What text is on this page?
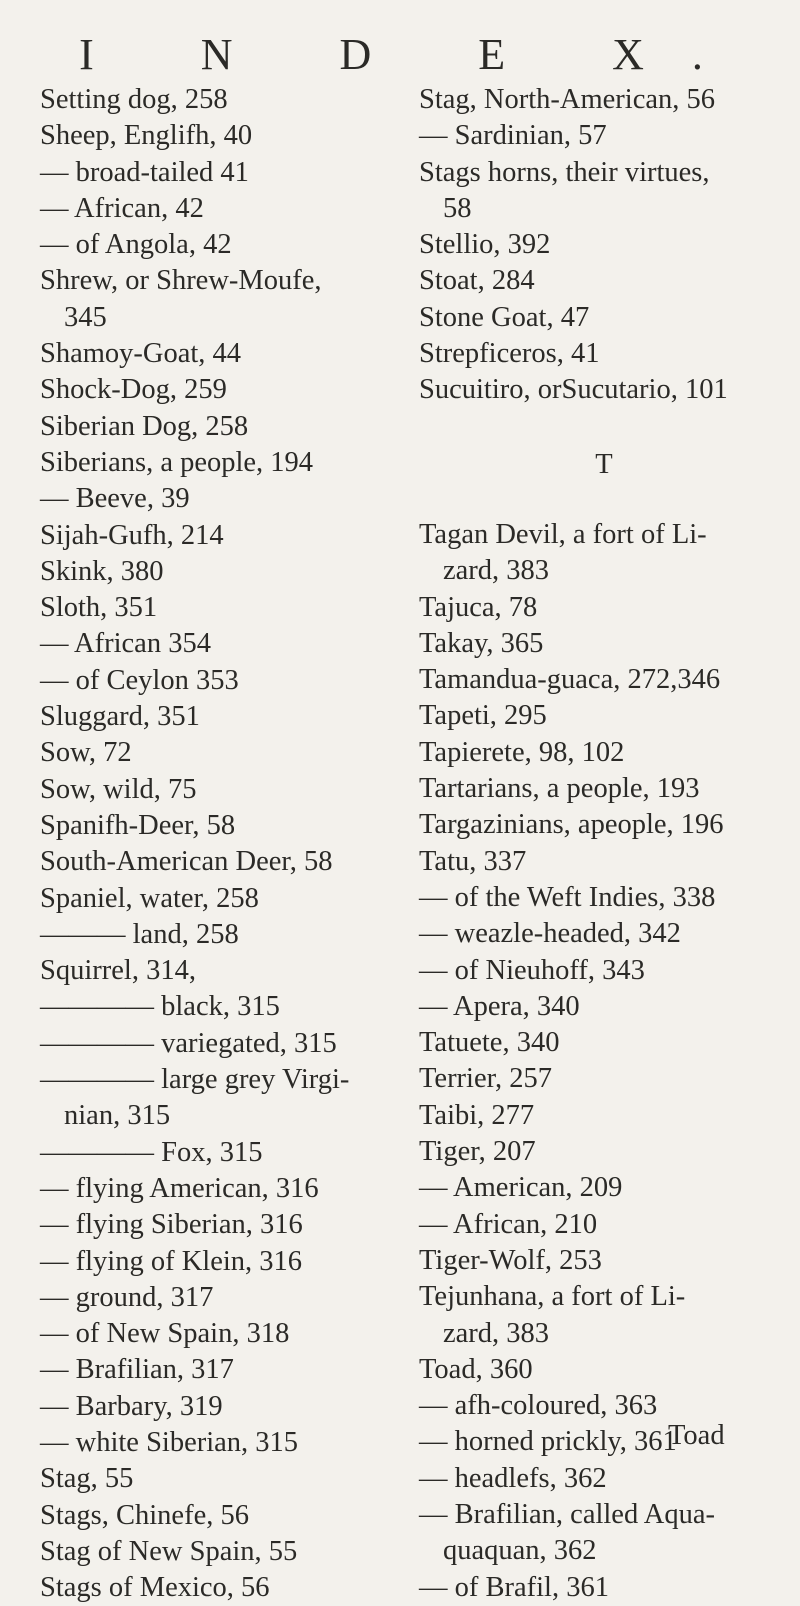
I N D E X.
Setting dog, 258
Sheep, Englifh, 40
— broad-tailed 41
— African, 42
— of Angola, 42
Shrew, or Shrew-Moufe,
345
Shamoy-Goat, 44
Shock-Dog, 259
Siberian Dog, 258
Siberians, a people, 194
— Beeve, 39
Sijah-Gufh, 214
Skink, 380
Sloth, 351
— African 354
— of Ceylon 353
Sluggard, 351
Sow, 72
Sow, wild, 75
Spanifh-Deer, 58
South-American Deer, 58
Spaniel, water, 258
——— land, 258
Squirrel, 314,
———— black, 315
———— variegated, 315
———— large grey Virgi-
nian, 315
———— Fox, 315
— flying American, 316
— flying Siberian, 316
— flying of Klein, 316
— ground, 317
— of New Spain, 318
— Brafilian, 317
— Barbary, 319
— white Siberian, 315
Stag, 55
Stags, Chinefe, 56
Stag of New Spain, 55
Stags of Mexico, 56
Stag, North-American, 56
— Sardinian, 57
Stags horns, their virtues,
58
Stellio, 392
Stoat, 284
Stone Goat, 47
Strepficeros, 41
Sucuitiro, orSucutario, 101
T
Tagan Devil, a fort of Li-
zard, 383
Tajuca, 78
Takay, 365
Tamandua-guaca, 272,346
Tapeti, 295
Tapierete, 98, 102
Tartarians, a people, 193
Targazinians, apeople, 196
Tatu, 337
— of the Weft Indies, 338
— weazle-headed, 342
— of Nieuhoff, 343
— Apera, 340
Tatuete, 340
Terrier, 257
Taibi, 277
Tiger, 207
— American, 209
— African, 210
Tiger-Wolf, 253
Tejunhana, a fort of Li-
zard, 383
Toad, 360
— afh-coloured, 363
— horned prickly, 361
— headlefs, 362
— Brafilian, called Aqua-
quaquan, 362
— of Brafil, 361
Toad
